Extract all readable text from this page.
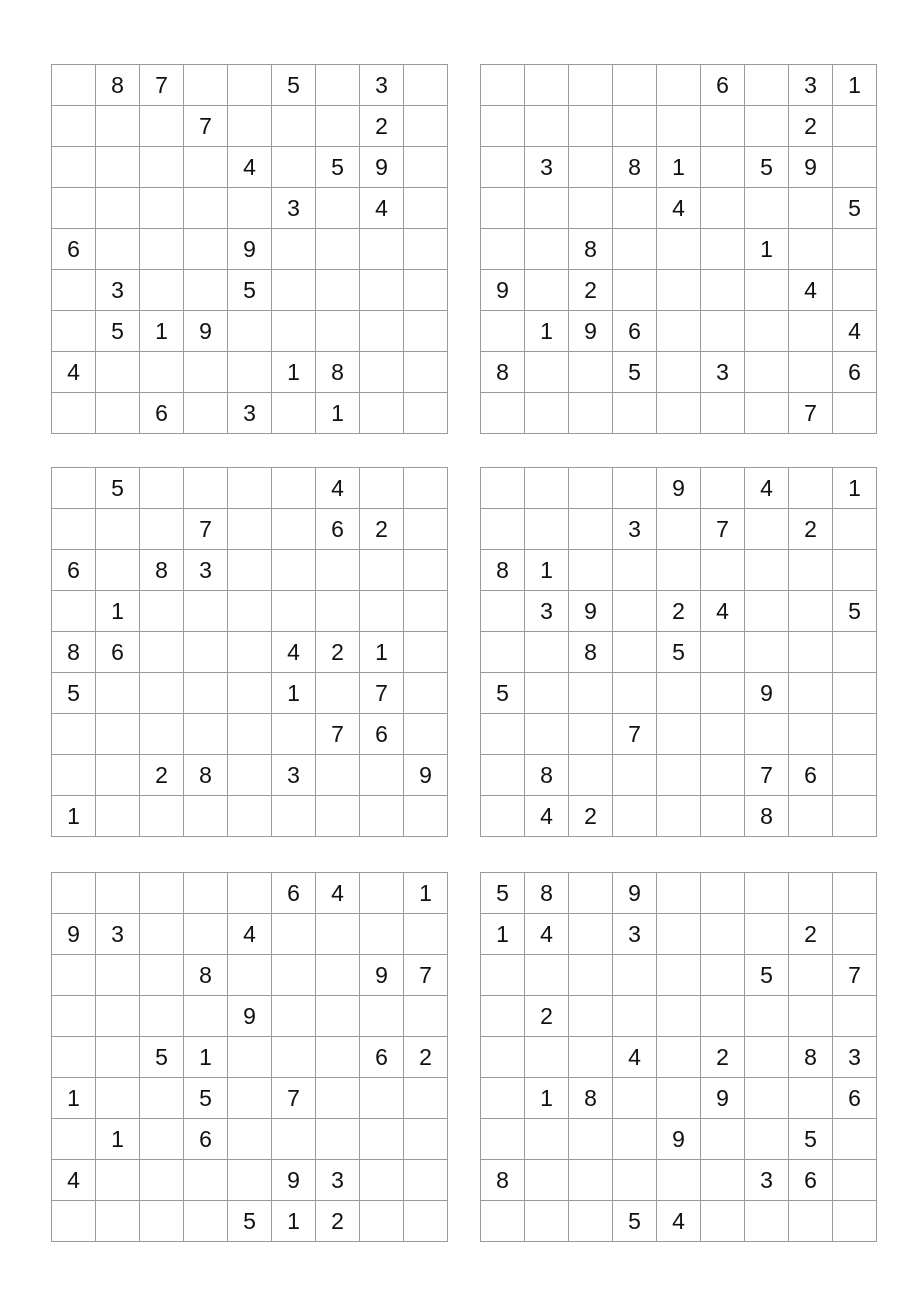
	8	7			5		3	
			7				2	
				4		5	9	
					3		4	
6				9				
	3			5				
	5	1	9					
4					1	8		
		6		3		1		
					6		3	1
							2	
	3		8	1		5	9	
				4				5
		8				1		
9		2					4	
	1	9	6					4
8			5		3			6
							7	
	5					4		
			7			6	2	
6		8	3					
	1							
8	6				4	2	1	
5					1		7	
						7	6	
		2	8		3			9
1								
				9		4		1
			3		7		2	
8	1							
	3	9		2	4			5
		8		5				
5						9		
			7					
	8					7	6	
	4	2				8		
					6	4		1
9	3			4				
			8				9	7
				9				
		5	1				6	2
1			5		7			
	1		6					
4					9	3		
				5	1	2		
5	8		9					
1	4		3				2	
						5		7
	2							
			4		2		8	3
	1	8			9			6
				9			5	
8						3	6	
			5	4				
